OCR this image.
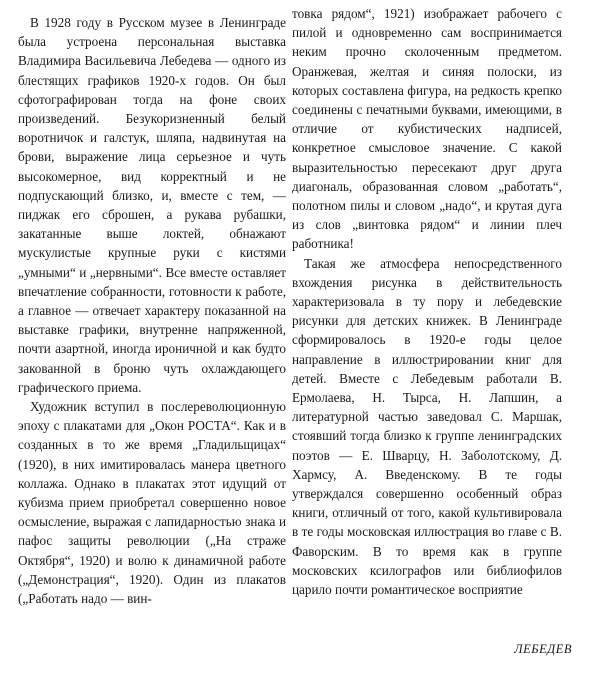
В 1928 году в Русском музее в Ленинграде была устроена персональная выставка Владимира Васильевича Лебедева — одного из блестящих графиков 1920-х годов. Он был сфотографирован тогда на фоне своих произведений. Безукоризненный белый воротничок и галстук, шляпа, надвинутая на брови, выражение лица серьезное и чуть высокомерное, вид корректный и не подпускающий близко, и, вместе с тем, — пиджак его сброшен, а рукава рубашки, закатанные выше локтей, обнажают мускулистые крупные руки с кистями „умными“ и „нервными“. Все вместе оставляет впечатление собранности, готовности к работе, а главное — отвечает характеру показанной на выставке графики, внутренне напряженной, почти азартной, иногда ироничной и как будто закованной в броню чуть охлаждающего графического приема.

Художник вступил в послереволюционную эпоху с плакатами для „Окон РОСТА“. Как и в созданных в то же время „Гладильщицах“ (1920), в них имитировалась манера цветного коллажа. Однако в плакатах этот идущий от кубизма прием приобретал совершенно новое осмысление, выражая с лапидарностью знака и пафос защиты революции („На страже Октября“, 1920) и волю к динамичной работе („Демонстрация“, 1920). Один из плакатов („Работать надо — вин-

товка рядом“, 1921) изображает рабочего с пилой и одновременно сам воспринимается неким прочно сколоченным предметом. Оранжевая, желтая и синяя полоски, из которых составлена фигура, на редкость крепко соединены с печатными буквами, имеющими, в отличие от кубистических надписей, конкретное смысловое значение. С какой выразительностью пересекают друг друга диагональ, образованная словом „работать“, полотном пилы и словом „надо“, и крутая дуга из слов „винтовка рядом“ и линии плеч работника!

Такая же атмосфера непосредственного вхождения рисунка в действительность характеризовала в ту пору и лебедевские рисунки для детских книжек. В Ленинграде сформировалось в 1920-е годы целое направление в иллюстрировании книг для детей. Вместе с Лебедевым работали В. Ермолаева, Н. Тырса, Н. Лапшин, а литературной частью заведовал С. Маршак, стоявший тогда близко к группе ленинградских поэтов — Е. Шварцу, Н. Заболотскому, Д. Хармсу, А. Введенскому. В те годы утверждался совершенно особенный образ книги, отличный от того, какой культивировала в те годы московская иллюстрация во главе с В. Фаворским. В то время как в группе московских ксилографов или библиофилов царило почти романтическое восприятие

ЛЕБЕДЕВ
